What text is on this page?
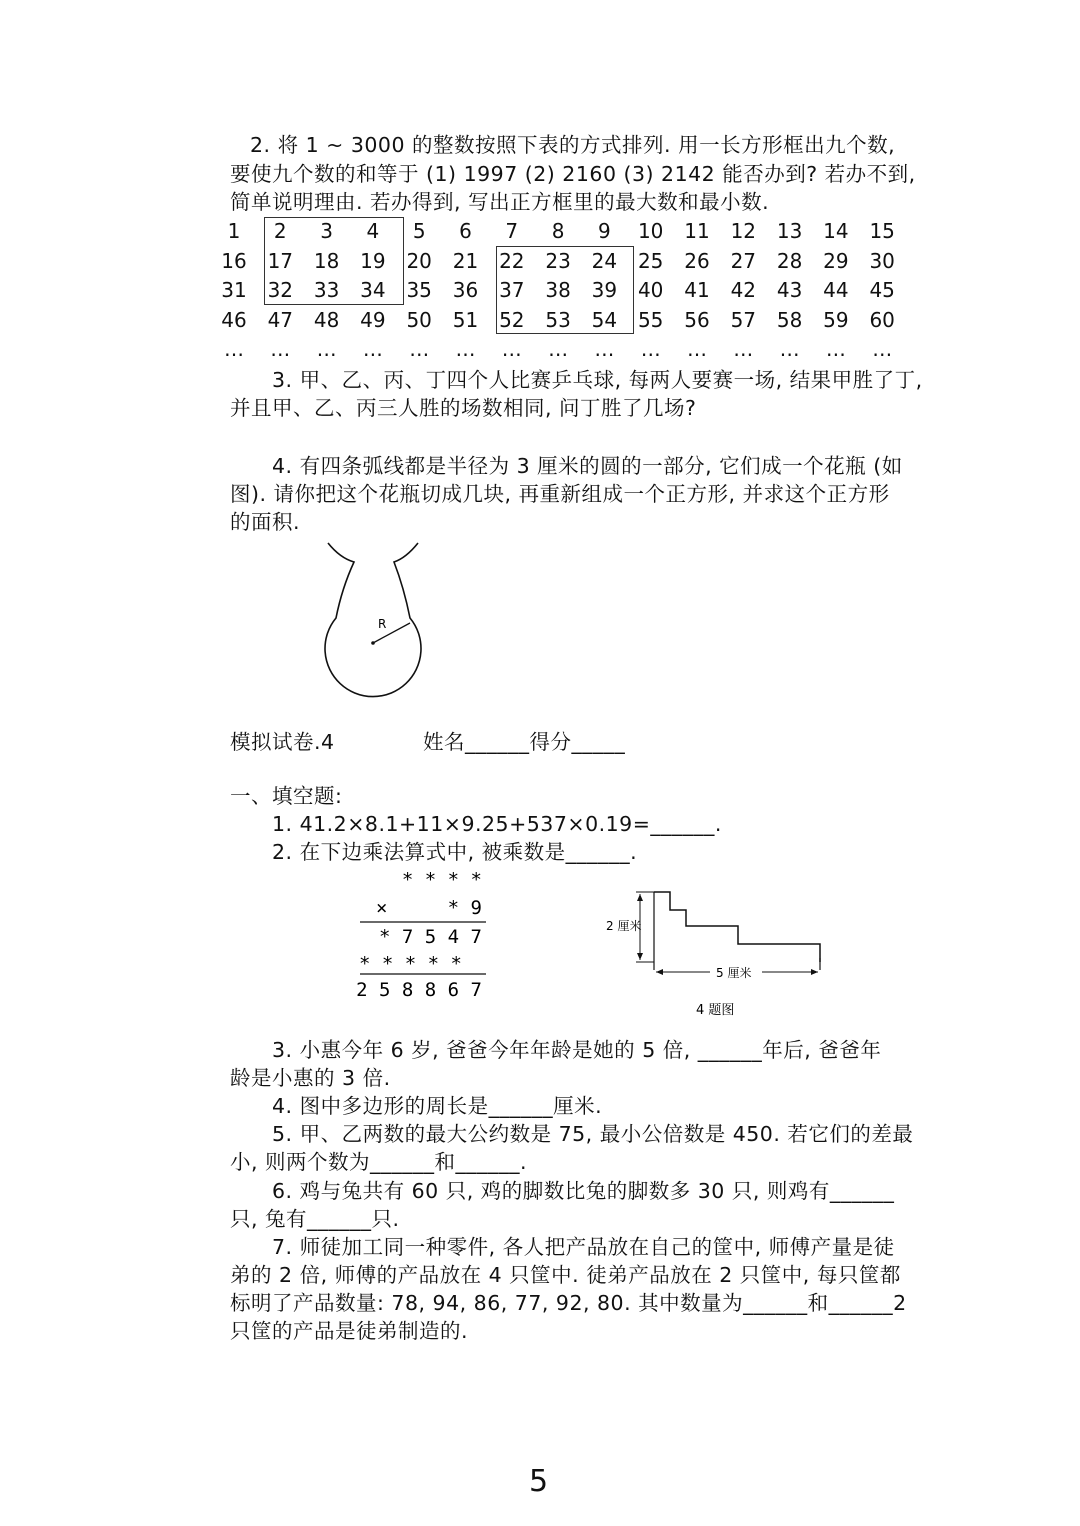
2. 将 1 ~ 3000 的整数按照下表的方式排列. 用一长方形框出九个数,
要使九个数的和等于 (1) 1997 (2) 2160 (3) 2142 能否办到? 若办不到,
简单说明理由. 若办得到, 写出正方框里的最大数和最小数.
1	2	3	4	5	6	7	8	9	10	11	12	13	14	15
16	17	18	19	20	21	22	23	24	25	26	27	28	29	30
31	32	33	34	35	36	37	38	39	40	41	42	43	44	45
46	47	48	49	50	51	52	53	54	55	56	57	58	59	60
…	…	…	…	…	…	…	…	…	…	…	…	…	…	…
3. 甲、乙、丙、丁四个人比赛乒乓球, 每两人要赛一场, 结果甲胜了丁,
并且甲、乙、丙三人胜的场数相同, 问丁胜了几场?
4. 有四条弧线都是半径为 3 厘米的圆的一部分, 它们成一个花瓶 (如
图). 请你把这个花瓶切成几块, 再重新组成一个正方形, 并求这个正方形
的面积.
R
模拟试卷.4	姓名______得分_____
一、填空题:
1. 41.2×8.1+11×9.25+537×0.19=______.
2. 在下边乘法算式中, 被乘数是______.
* * * *
×	* 9
* 7 5 4 7
* * * * *
2 5 8 8 6 7
2 厘米
5 厘米
4 题图
3. 小惠今年 6 岁, 爸爸今年年龄是她的 5 倍, ______年后, 爸爸年
龄是小惠的 3 倍.
4. 图中多边形的周长是______厘米.
5. 甲、乙两数的最大公约数是 75, 最小公倍数是 450. 若它们的差最
小, 则两个数为______和______.
6. 鸡与兔共有 60 只, 鸡的脚数比兔的脚数多 30 只, 则鸡有______
只, 兔有______只.
7. 师徒加工同一种零件, 各人把产品放在自己的筐中, 师傅产量是徒
弟的 2 倍, 师傅的产品放在 4 只筐中. 徒弟产品放在 2 只筐中, 每只筐都
标明了产品数量: 78, 94, 86, 77, 92, 80. 其中数量为______和______2
只筐的产品是徒弟制造的.
5
